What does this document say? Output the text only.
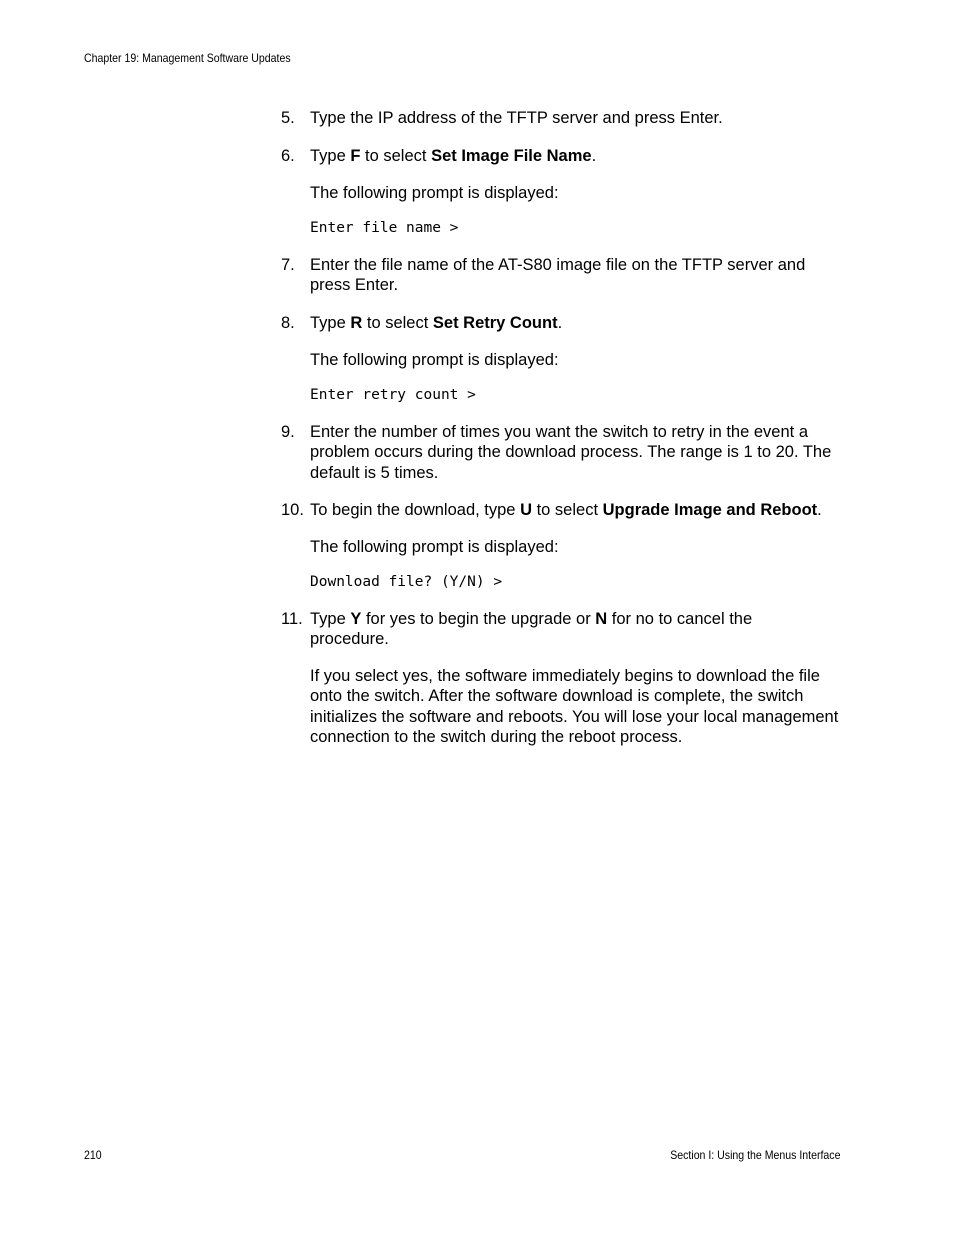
Chapter 19: Management Software Updates
5. Type the IP address of the TFTP server and press Enter.
6. Type F to select Set Image File Name.
The following prompt is displayed:
Enter file name >
7. Enter the file name of the AT-S80 image file on the TFTP server and press Enter.
8. Type R to select Set Retry Count.
The following prompt is displayed:
Enter retry count >
9. Enter the number of times you want the switch to retry in the event a problem occurs during the download process. The range is 1 to 20. The default is 5 times.
10. To begin the download, type U to select Upgrade Image and Reboot.
The following prompt is displayed:
Download file? (Y/N) >
11. Type Y for yes to begin the upgrade or N for no to cancel the procedure.
If you select yes, the software immediately begins to download the file onto the switch. After the software download is complete, the switch initializes the software and reboots. You will lose your local management connection to the switch during the reboot process.
210	Section I: Using the Menus Interface
